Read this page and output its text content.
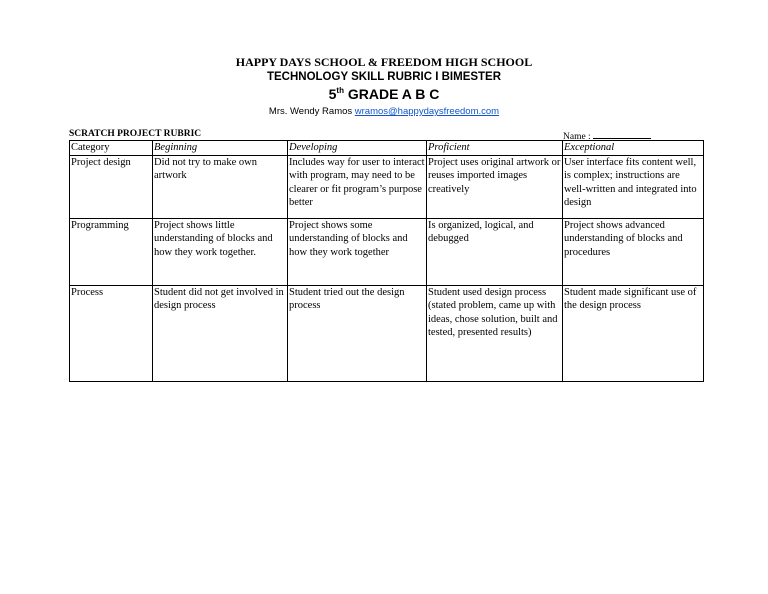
HAPPY DAYS SCHOOL & FREEDOM HIGH SCHOOL
TECHNOLOGY SKILL RUBRIC I BIMESTER
5th GRADE A B C
Mrs. Wendy Ramos wramos@happydaysfreedom.com
SCRATCH PROJECT RUBRIC	Name :
Category	Beginning	Developing	Proficient	Exceptional
Project design	Did not try to make own artwork	Includes way for user to interact with program, may need to be clearer or fit program’s purpose better	Project uses original artwork or reuses imported images creatively	User interface fits content well, is complex; instructions are well-written and integrated into design
Programming	Project shows little understanding of blocks and how they work together.	Project shows some understanding of blocks and how they work together	Is organized, logical, and debugged	Project shows advanced understanding of blocks and procedures
Process	Student did not get involved in design process	Student tried out the design process	Student used design process (stated problem, came up with ideas, chose solution, built and tested, presented results)	Student made significant use of the design process
